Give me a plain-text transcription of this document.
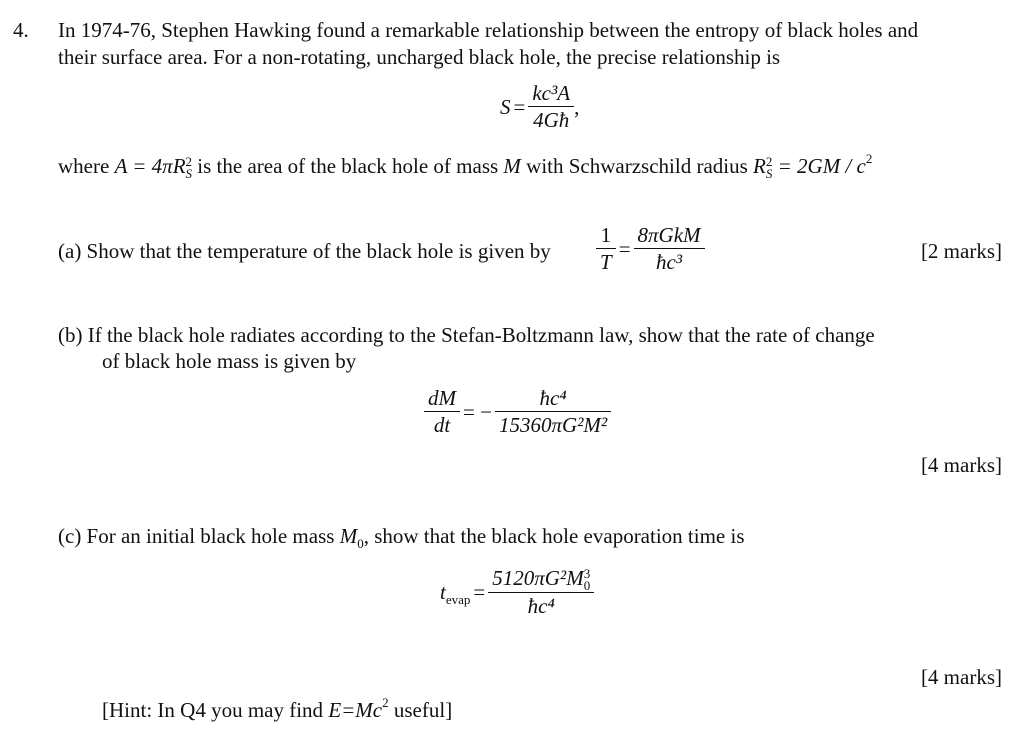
4. In 1974-76, Stephen Hawking found a remarkable relationship between the entropy of black holes and
their surface area. For a non-rotating, uncharged black hole, the precise relationship is
$S = \frac{\text{kc³A}}{4Għ}$ ,
where A = 4πR 2
S is the area of the black hole of mass M with Schwarzschild radius R 2
$S = 2GM / c^2$
(a) Show that the temperature of the black hole is given by $\frac{1}{T} = \frac{\text{8πGkM}}{\text{ħc³}}$	[2 marks]
(b) If the black hole radiates according to the Stefan-Boltzmann law, show that the rate of change
of black hole mass is given by
$\frac{dM}{dt}$ = − $\frac{\text{ħc⁴}}{\text{15360πG²M²}}$
[4 marks]
(c) For an initial black hole mass $M_0$, show that the black hole evaporation time is
$t_{evap} = 5120\pi G^2M$ 3
0
ħc⁴
[4 marks]
[Hint: In Q4 you may find $E=Mc^2$ useful]
